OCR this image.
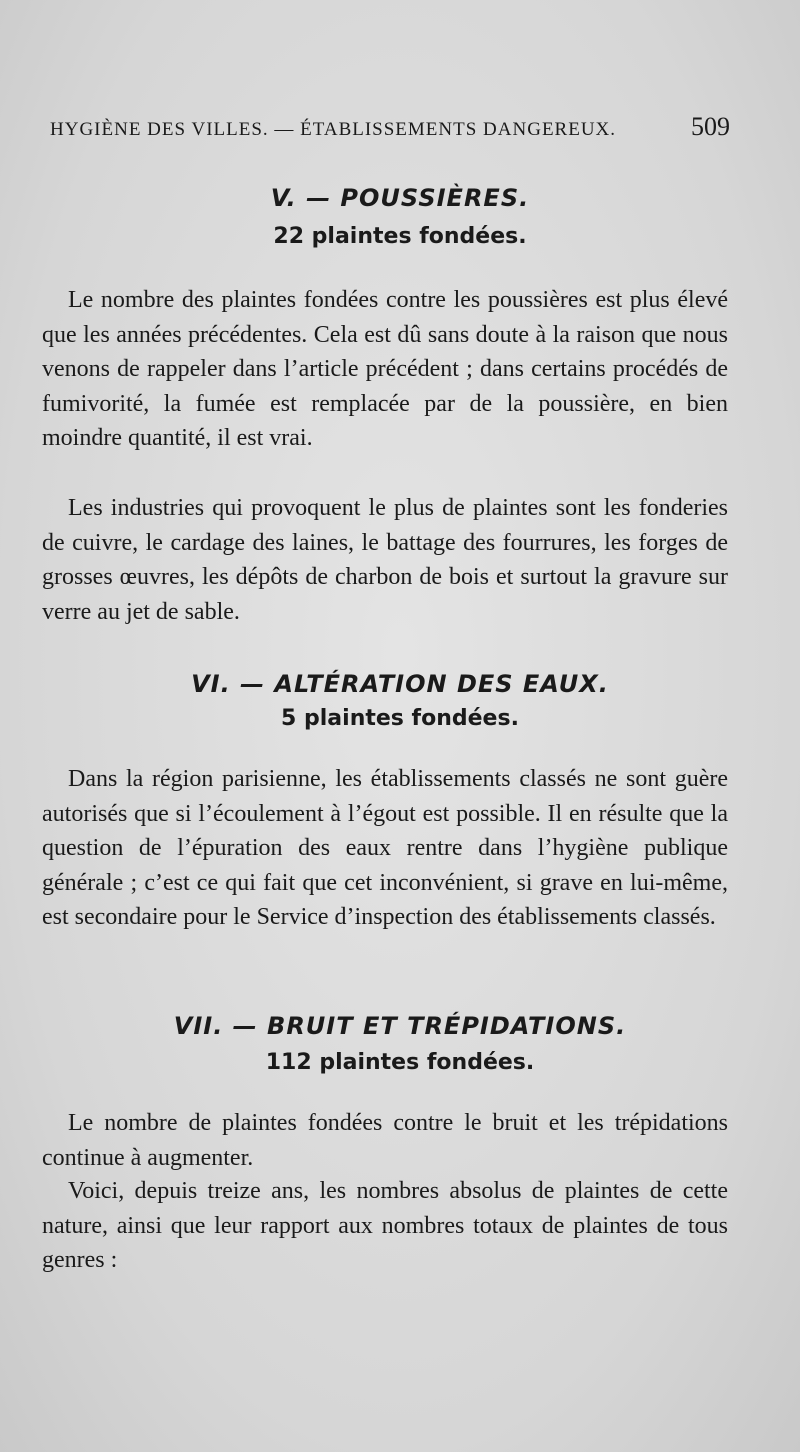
HYGIÈNE DES VILLES. — ÉTABLISSEMENTS DANGEREUX.	509
V. — POUSSIÈRES.
22 plaintes fondées.

Le nombre des plaintes fondées contre les poussières est plus élevé que les années précédentes. Cela est dû sans doute à la raison que nous venons de rappeler dans l’article précédent ; dans certains procédés de fumivorité, la fumée est remplacée par de la poussière, en bien moindre quantité, il est vrai.

Les industries qui provoquent le plus de plaintes sont les fonderies de cuivre, le cardage des laines, le battage des fourrures, les forges de grosses œuvres, les dépôts de charbon de bois et surtout la gravure sur verre au jet de sable.

VI. — ALTÉRATION DES EAUX.
5 plaintes fondées.

Dans la région parisienne, les établissements classés ne sont guère autorisés que si l’écoulement à l’égout est possible. Il en résulte que la question de l’épuration des eaux rentre dans l’hygiène publique générale ; c’est ce qui fait que cet inconvénient, si grave en lui-même, est secondaire pour le Service d’inspection des établissements classés.

VII. — BRUIT ET TRÉPIDATIONS.
112 plaintes fondées.

Le nombre de plaintes fondées contre le bruit et les trépidations continue à augmenter.

Voici, depuis treize ans, les nombres absolus de plaintes de cette nature, ainsi que leur rapport aux nombres totaux de plaintes de tous genres :
